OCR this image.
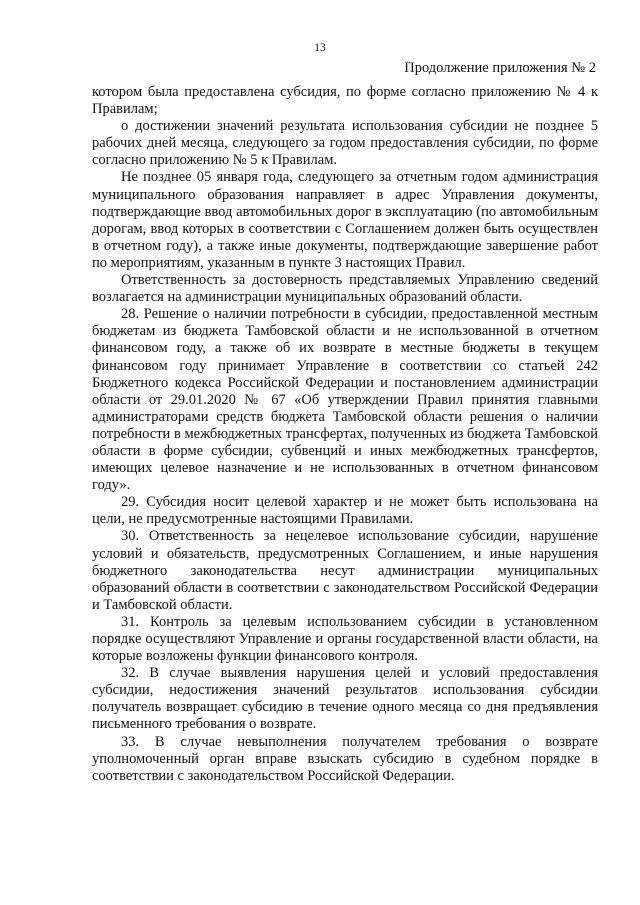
13
Продолжение приложения № 2

котором была предоставлена субсидия, по форме согласно приложению № 4 к Правилам;

о достижении значений результата использования субсидии не позднее 5 рабочих дней месяца, следующего за годом предоставления субсидии, по форме согласно приложению № 5 к Правилам.

Не позднее 05 января года, следующего за отчетным годом администрация муниципального образования направляет в адрес Управления документы, подтверждающие ввод автомобильных дорог в эксплуатацию (по автомобильным дорогам, ввод которых в соответствии с Соглашением должен быть осуществлен в отчетном году), а также иные документы, подтверждающие завершение работ по мероприятиям, указанным в пункте 3 настоящих Правил.

Ответственность за достоверность представляемых Управлению сведений возлагается на администрации муниципальных образований области.

28. Решение о наличии потребности в субсидии, предоставленной местным бюджетам из бюджета Тамбовской области и не использованной в отчетном финансовом году, а также об их возврате в местные бюджеты в текущем финансовом году принимает Управление в соответствии со статьей 242 Бюджетного кодекса Российской Федерации и постановлением администрации области от 29.01.2020 № 67 «Об утверждении Правил принятия главными администраторами средств бюджета Тамбовской области решения о наличии потребности в межбюджетных трансфертах, полученных из бюджета Тамбовской области в форме субсидии, субвенций и иных межбюджетных трансфертов, имеющих целевое назначение и не использованных в отчетном финансовом году».

29. Субсидия носит целевой характер и не может быть использована на цели, не предусмотренные настоящими Правилами.

30. Ответственность за нецелевое использование субсидии, нарушение условий и обязательств, предусмотренных Соглашением, и иные нарушения бюджетного законодательства несут администрации муниципальных образований области в соответствии с законодательством Российской Федерации и Тамбовской области.

31. Контроль за целевым использованием субсидии в установленном порядке осуществляют Управление и органы государственной власти области, на которые возложены функции финансового контроля.

32. В случае выявления нарушения целей и условий предоставления субсидии, недостижения значений результатов использования субсидии получатель возвращает субсидию в течение одного месяца со дня предъявления письменного требования о возврате.

33. В случае невыполнения получателем требования о возврате уполномоченный орган вправе взыскать субсидию в судебном порядке в соответствии с законодательством Российской Федерации.
